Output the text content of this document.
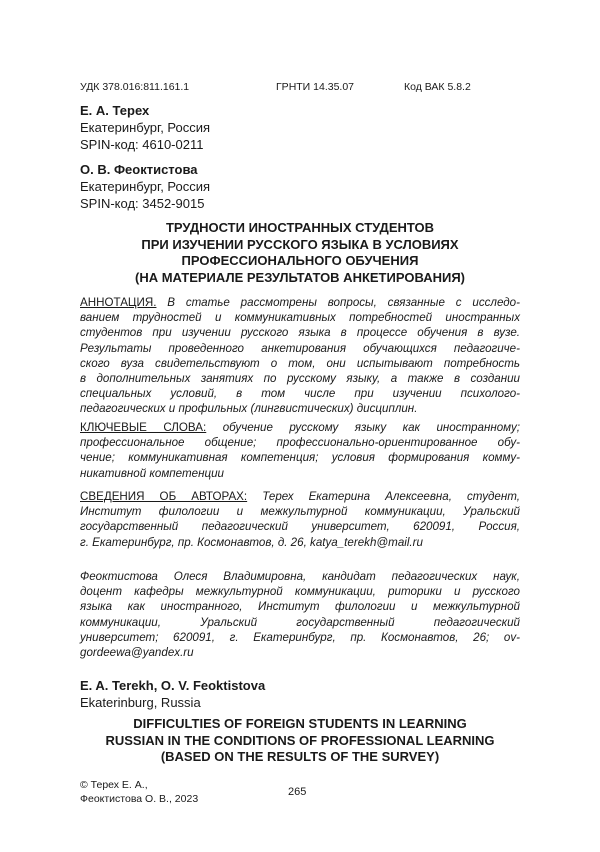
УДК 378.016:811.161.1	ГРНТИ 14.35.07	Код ВАК 5.8.2
Е. А. Терех
Екатеринбург, Россия
SPIN-код: 4610-0211
О. В. Феоктистова
Екатеринбург, Россия
SPIN-код: 3452-9015
ТРУДНОСТИ ИНОСТРАННЫХ СТУДЕНТОВ
ПРИ ИЗУЧЕНИИ РУССКОГО ЯЗЫКА В УСЛОВИЯХ
ПРОФЕССИОНАЛЬНОГО ОБУЧЕНИЯ
(НА МАТЕРИАЛЕ РЕЗУЛЬТАТОВ АНКЕТИРОВАНИЯ)
АННОТАЦИЯ. В статье рассмотрены вопросы, связанные с исследо-
ванием трудностей и коммуникативных потребностей иностранных
студентов при изучении русского языка в процессе обучения в вузе.
Результаты проведенного анкетирования обучающихся педагогиче-
ского вуза свидетельствуют о том, они испытывают потребность
в дополнительных занятиях по русскому языку, а также в создании
специальных условий, в том числе при изучении психолого-
педагогических и профильных (лингвистических) дисциплин.
КЛЮЧЕВЫЕ СЛОВА: обучение русскому языку как иностранному;
профессиональное общение; профессионально-ориентированное обу-
чение; коммуникативная компетенция; условия формирования комму-
никативной компетенции
СВЕДЕНИЯ ОБ АВТОРАХ: Терех Екатерина Алексеевна, студент,
Институт филологии и межкультурной коммуникации, Уральский
государственный педагогический университет, 620091, Россия,
г. Екатеринбург, пр. Космонавтов, д. 26, katya_terekh@mail.ru
Феоктистова Олеся Владимировна, кандидат педагогических наук,
доцент кафедры межкультурной коммуникации, риторики и русского
языка как иностранного, Институт филологии и межкультурной
коммуникации, Уральский государственный педагогический
университет; 620091, г. Екатеринбург, пр. Космонавтов, 26; ov-
gordeewa@yandex.ru
E. A. Terekh, O. V. Feoktistova
Ekaterinburg, Russia
DIFFICULTIES OF FOREIGN STUDENTS IN LEARNING
RUSSIAN IN THE CONDITIONS OF PROFESSIONAL LEARNING
(BASED ON THE RESULTS OF THE SURVEY)
© Терех Е. А.,
Феоктистова О. В., 2023
265
